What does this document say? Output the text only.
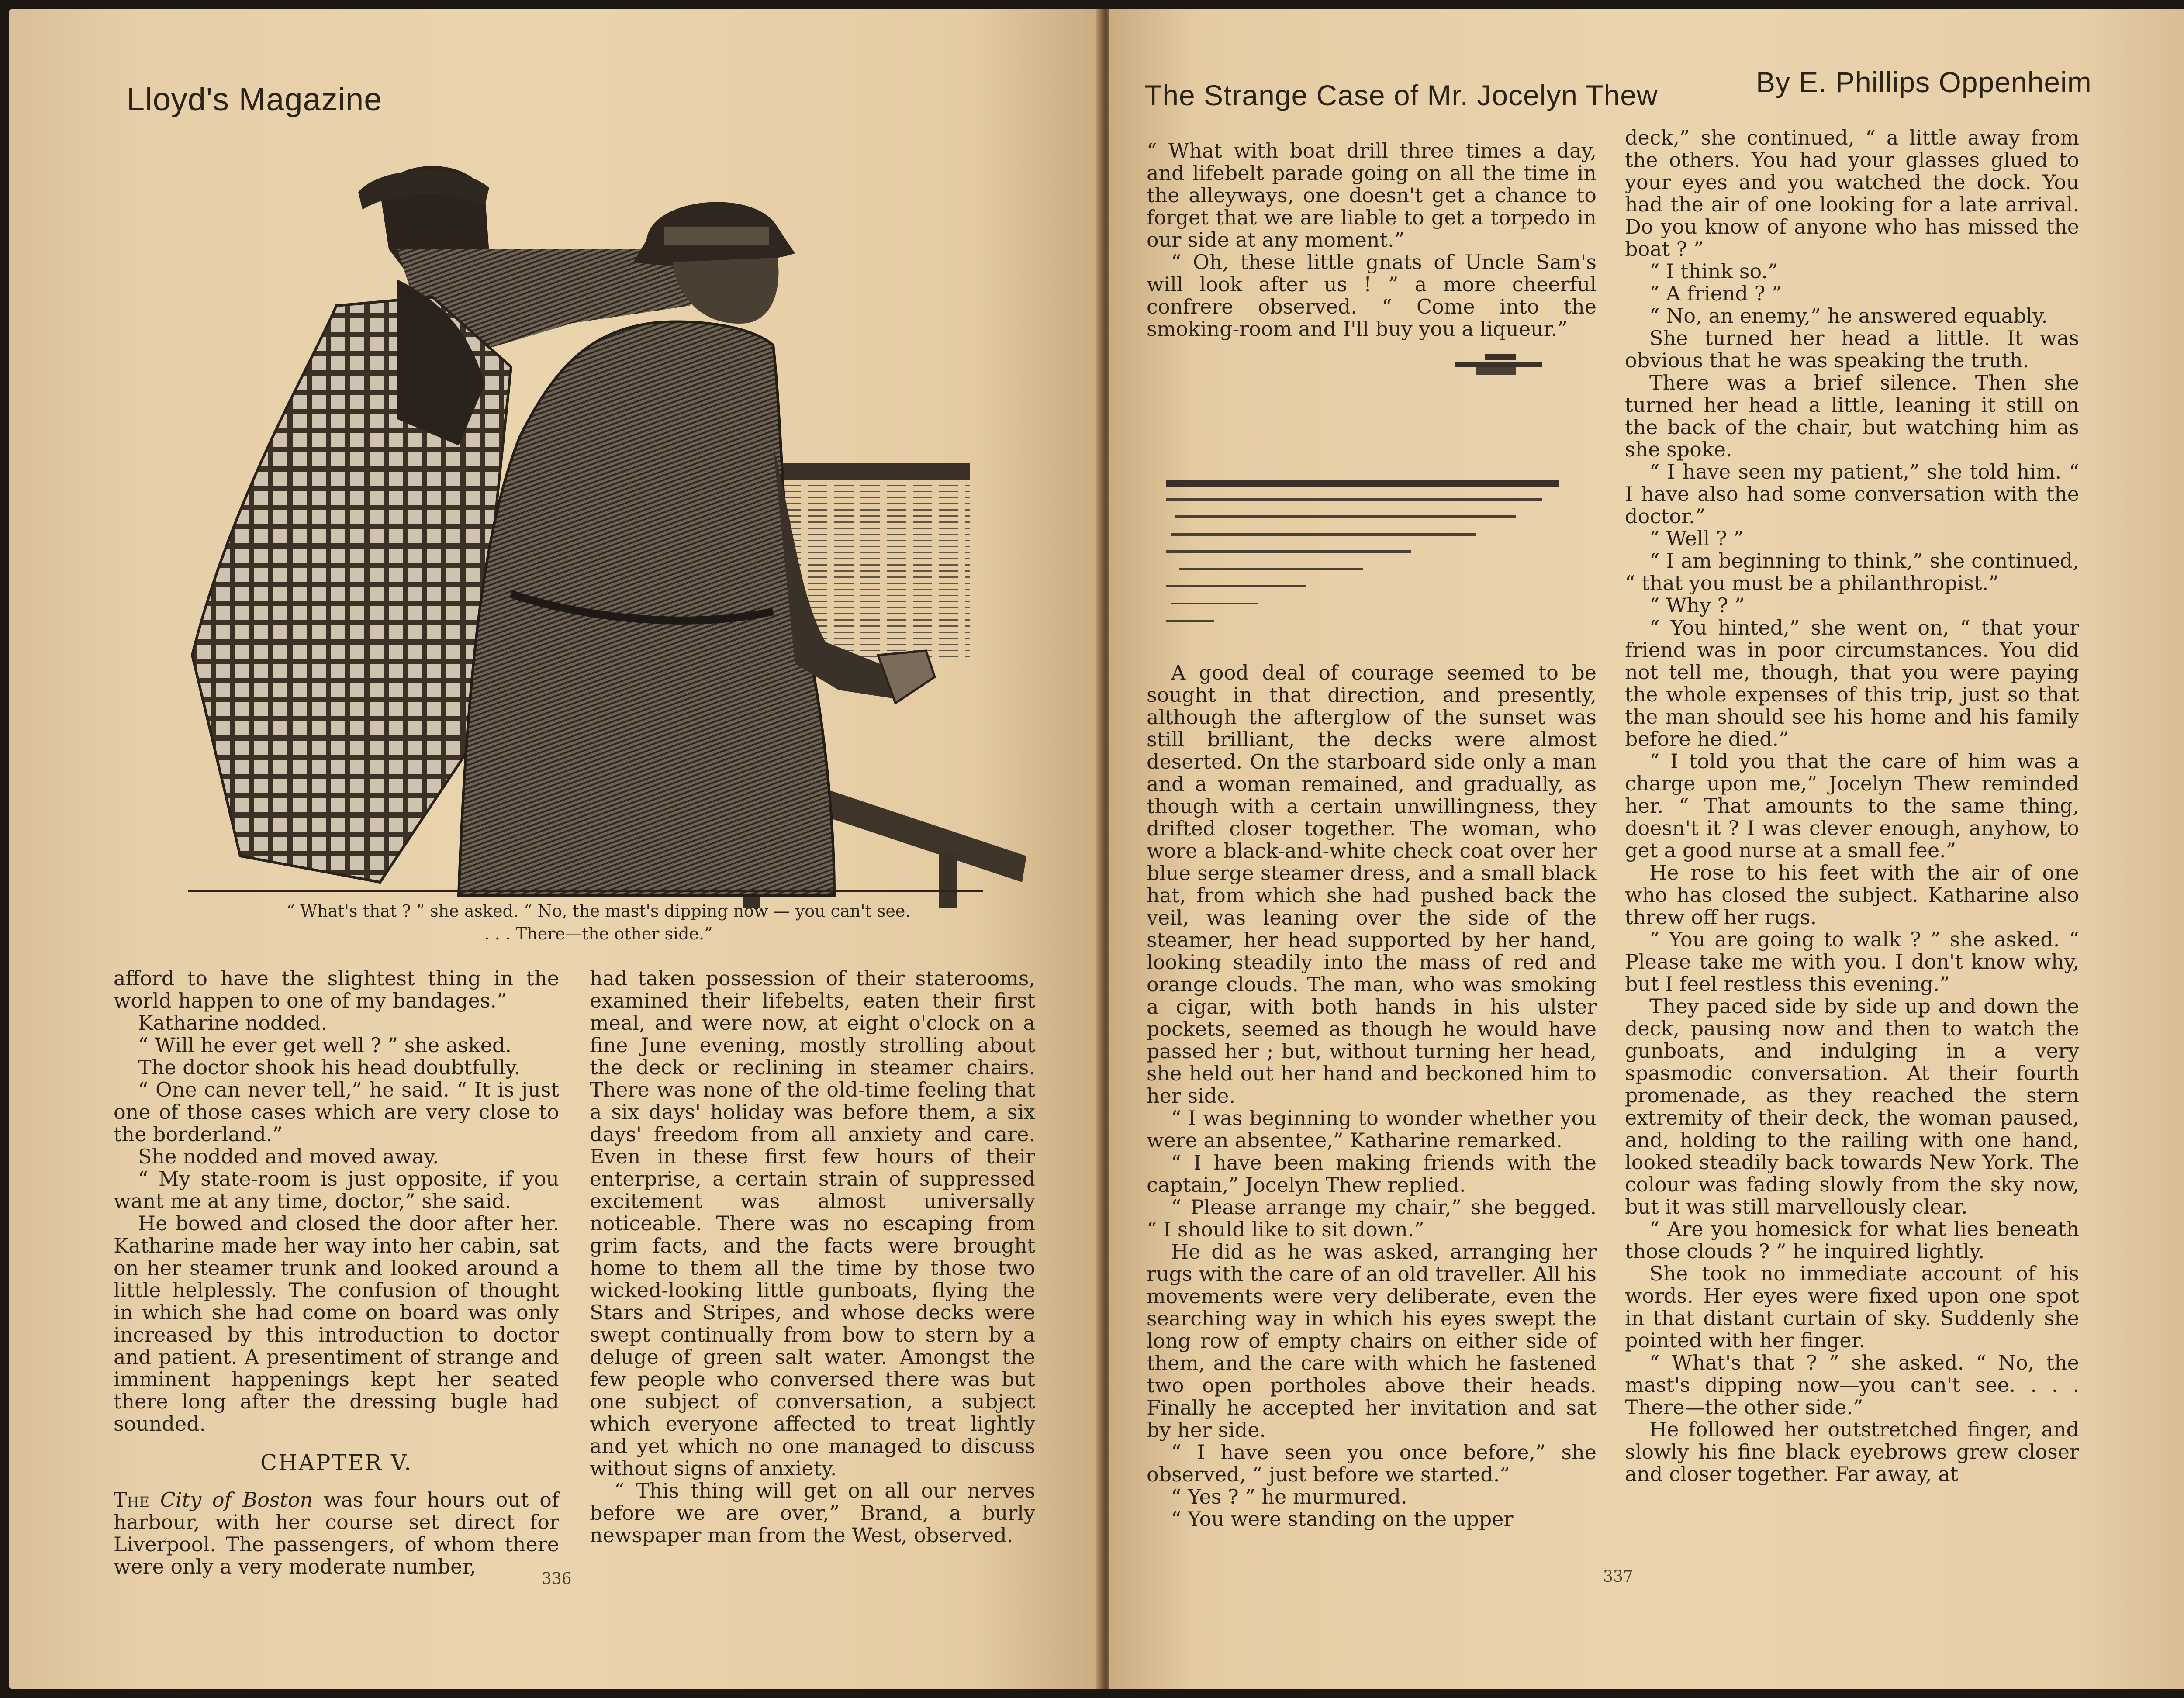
Lloyd's Magazine
“ What's that ? ” she asked. “ No, the mast's dipping now — you can't see.
. . . There—the other side.”

afford to have the slightest thing in the world happen to one of my bandages.”

Katharine nodded.

“ Will he ever get well ? ” she asked.

The doctor shook his head doubtfully.

“ One can never tell,” he said. “ It is just one of those cases which are very close to the borderland.”

She nodded and moved away.

“ My state-room is just opposite, if you want me at any time, doctor,” she said.

He bowed and closed the door after her. Katharine made her way into her cabin, sat on her steamer trunk and looked around a little helplessly. The confusion of thought in which she had come on board was only increased by this introduction to doctor and patient. A presentiment of strange and imminent happenings kept her seated there long after the dressing bugle had sounded.

CHAPTER V.

The City of Boston was four hours out of harbour, with her course set direct for Liverpool. The passengers, of whom there were only a very moderate number,

had taken possession of their staterooms, examined their lifebelts, eaten their first meal, and were now, at eight o'clock on a fine June evening, mostly strolling about the deck or reclining in steamer chairs. There was none of the old-time feeling that a six days' holiday was before them, a six days' freedom from all anxiety and care. Even in these first few hours of their enterprise, a certain strain of suppressed excitement was almost universally noticeable. There was no escaping from grim facts, and the facts were brought home to them all the time by those two wicked-looking little gunboats, flying the Stars and Stripes, and whose decks were swept continually from bow to stern by a deluge of green salt water. Amongst the few people who conversed there was but one subject of conversation, a subject which everyone affected to treat lightly and yet which no one managed to discuss without signs of anxiety.

“ This thing will get on all our nerves before we are over,” Brand, a burly newspaper man from the West, observed.

336
The Strange Case of Mr. Jocelyn Thew	By E. Phillips Oppenheim

“ What with boat drill three times a day, and lifebelt parade going on all the time in the alleyways, one doesn't get a chance to forget that we are liable to get a torpedo in our side at any moment.”

“ Oh, these little gnats of Uncle Sam's will look after us ! ” a more cheerful confrere observed. “ Come into the smoking-room and I'll buy you a liqueur.”

A good deal of courage seemed to be sought in that direction, and presently, although the afterglow of the sunset was still brilliant, the decks were almost deserted. On the starboard side only a man and a woman remained, and gradually, as though with a certain unwillingness, they drifted closer together. The woman, who wore a black-and-white check coat over her blue serge steamer dress, and a small black hat, from which she had pushed back the veil, was leaning over the side of the steamer, her head supported by her hand, looking steadily into the mass of red and orange clouds. The man, who was smoking a cigar, with both hands in his ulster pockets, seemed as though he would have passed her ; but, without turning her head, she held out her hand and beckoned him to her side.

“ I was beginning to wonder whether you were an absentee,” Katharine remarked.

“ I have been making friends with the captain,” Jocelyn Thew replied.

“ Please arrange my chair,” she begged. “ I should like to sit down.”

He did as he was asked, arranging her rugs with the care of an old traveller. All his movements were very deliberate, even the searching way in which his eyes swept the long row of empty chairs on either side of them, and the care with which he fastened two open portholes above their heads. Finally he accepted her invitation and sat by her side.

“ I have seen you once before,” she observed, “ just before we started.”

“ Yes ? ” he murmured.

“ You were standing on the upper

deck,” she continued, “ a little away from the others. You had your glasses glued to your eyes and you watched the dock. You had the air of one looking for a late arrival. Do you know of anyone who has missed the boat ? ”

“ I think so.”

“ A friend ? ”

“ No, an enemy,” he answered equably.

She turned her head a little. It was obvious that he was speaking the truth.

There was a brief silence. Then she turned her head a little, leaning it still on the back of the chair, but watching him as she spoke.

“ I have seen my patient,” she told him. “ I have also had some conversation with the doctor.”

“ Well ? ”

“ I am beginning to think,” she continued, “ that you must be a philanthropist.”

“ Why ? ”

“ You hinted,” she went on, “ that your friend was in poor circumstances. You did not tell me, though, that you were paying the whole expenses of this trip, just so that the man should see his home and his family before he died.”

“ I told you that the care of him was a charge upon me,” Jocelyn Thew reminded her. “ That amounts to the same thing, doesn't it ? I was clever enough, anyhow, to get a good nurse at a small fee.”

He rose to his feet with the air of one who has closed the subject. Katharine also threw off her rugs.

“ You are going to walk ? ” she asked. “ Please take me with you. I don't know why, but I feel restless this evening.”

They paced side by side up and down the deck, pausing now and then to watch the gunboats, and indulging in a very spasmodic conversation. At their fourth promenade, as they reached the stern extremity of their deck, the woman paused, and, holding to the railing with one hand, looked steadily back towards New York. The colour was fading slowly from the sky now, but it was still marvellously clear.

“ Are you homesick for what lies beneath those clouds ? ” he inquired lightly.

She took no immediate account of his words. Her eyes were fixed upon one spot in that distant curtain of sky. Suddenly she pointed with her finger.

“ What's that ? ” she asked. “ No, the mast's dipping now—you can't see. . . . There—the other side.”

He followed her outstretched finger, and slowly his fine black eyebrows grew closer and closer together. Far away, at

337
